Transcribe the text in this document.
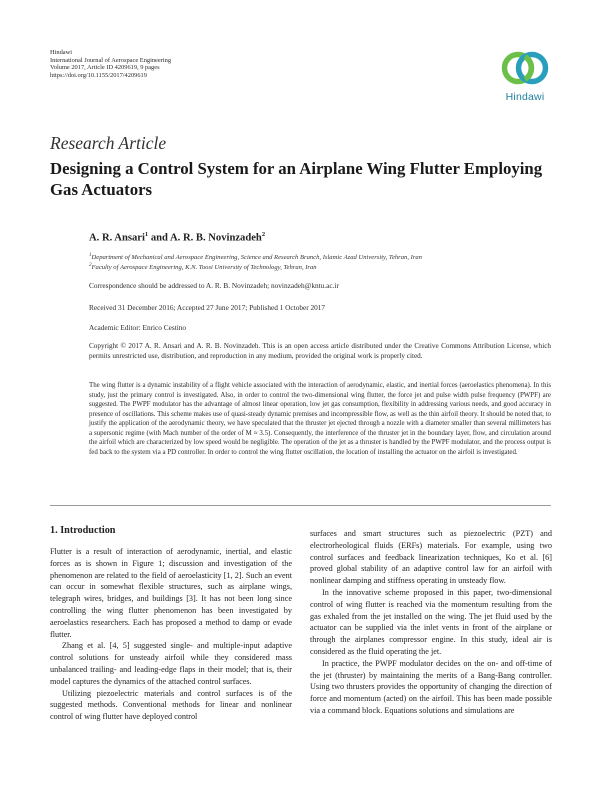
Hindawi
International Journal of Aerospace Engineering
Volume 2017, Article ID 4209619, 9 pages
https://doi.org/10.1155/2017/4209619
Hindawi
Research Article
Designing a Control System for an Airplane Wing Flutter Employing Gas Actuators
A. R. Ansari$^1$ and A. R. B. Novinzadeh$^2$
$^1$Department of Mechanical and Aerospace Engineering, Science and Research Branch, Islamic Azad University, Tehran, Iran
$^2$Faculty of Aerospace Engineering, K.N. Toosi University of Technology, Tehran, Iran
Correspondence should be addressed to A. R. B. Novinzadeh; novinzadeh@kntu.ac.ir
Received 31 December 2016; Accepted 27 June 2017; Published 1 October 2017
Academic Editor: Enrico Cestino
Copyright © 2017 A. R. Ansari and A. R. B. Novinzadeh. This is an open access article distributed under the Creative Commons Attribution License, which permits unrestricted use, distribution, and reproduction in any medium, provided the original work is properly cited.
The wing flutter is a dynamic instability of a flight vehicle associated with the interaction of aerodynamic, elastic, and inertial forces (aeroelastics phenomena). In this study, just the primary control is investigated. Also, in order to control the two-dimensional wing flutter, the force jet and pulse width pulse frequency (PWPF) are suggested. The PWPF modulator has the advantage of almost linear operation, low jet gas consumption, flexibility in addressing various needs, and good accuracy in presence of oscillations. This scheme makes use of quasi-steady dynamic premises and incompressible flow, as well as the thin airfoil theory. It should be noted that, to justify the application of the aerodynamic theory, we have speculated that the thruster jet ejected through a nozzle with a diameter smaller than several millimeters has a supersonic regime (with Mach number of the order of M ≈ 3.5). Consequently, the interference of the thruster jet in the boundary layer, flow, and circulation around the airfoil which are characterized by low speed would be negligible. The operation of the jet as a thruster is handled by the PWPF modulator, and the process output is fed back to the system via a PD controller. In order to control the wing flutter oscillation, the location of installing the actuator on the airfoil is investigated.
1. Introduction

Flutter is a result of interaction of aerodynamic, inertial, and elastic forces as is shown in Figure 1; discussion and investigation of the phenomenon are related to the field of aeroelasticity [1, 2]. Such an event can occur in somewhat flexible structures, such as airplane wings, telegraph wires, bridges, and buildings [3]. It has not been long since controlling the wing flutter phenomenon has been investigated by aeroelastics researchers. Each has proposed a method to damp or evade flutter.

Zhang et al. [4, 5] suggested single- and multiple-input adaptive control solutions for unsteady airfoil while they considered mass unbalanced trailing- and leading-edge flaps in their model; that is, their model captures the dynamics of the attached control surfaces.

Utilizing piezoelectric materials and control surfaces is of the suggested methods. Conventional methods for linear and nonlinear control of wing flutter have deployed control

surfaces and smart structures such as piezoelectric (PZT) and electrorheological fluids (ERFs) materials. For example, using two control surfaces and feedback linearization techniques, Ko et al. [6] proved global stability of an adaptive control law for an airfoil with nonlinear damping and stiffness operating in unsteady flow.

In the innovative scheme proposed in this paper, two-dimensional control of wing flutter is reached via the momentum resulting from the gas exhaled from the jet installed on the wing. The jet fluid used by the actuator can be supplied via the inlet vents in front of the airplane or through the airplanes compressor engine. In this study, ideal air is considered as the fluid operating the jet.

In practice, the PWPF modulator decides on the on- and off-time of the jet (thruster) by maintaining the merits of a Bang-Bang controller. Using two thrusters provides the opportunity of changing the direction of force and momentum (acted) on the airfoil. This has been made possible via a command block. Equations solutions and simulations are
